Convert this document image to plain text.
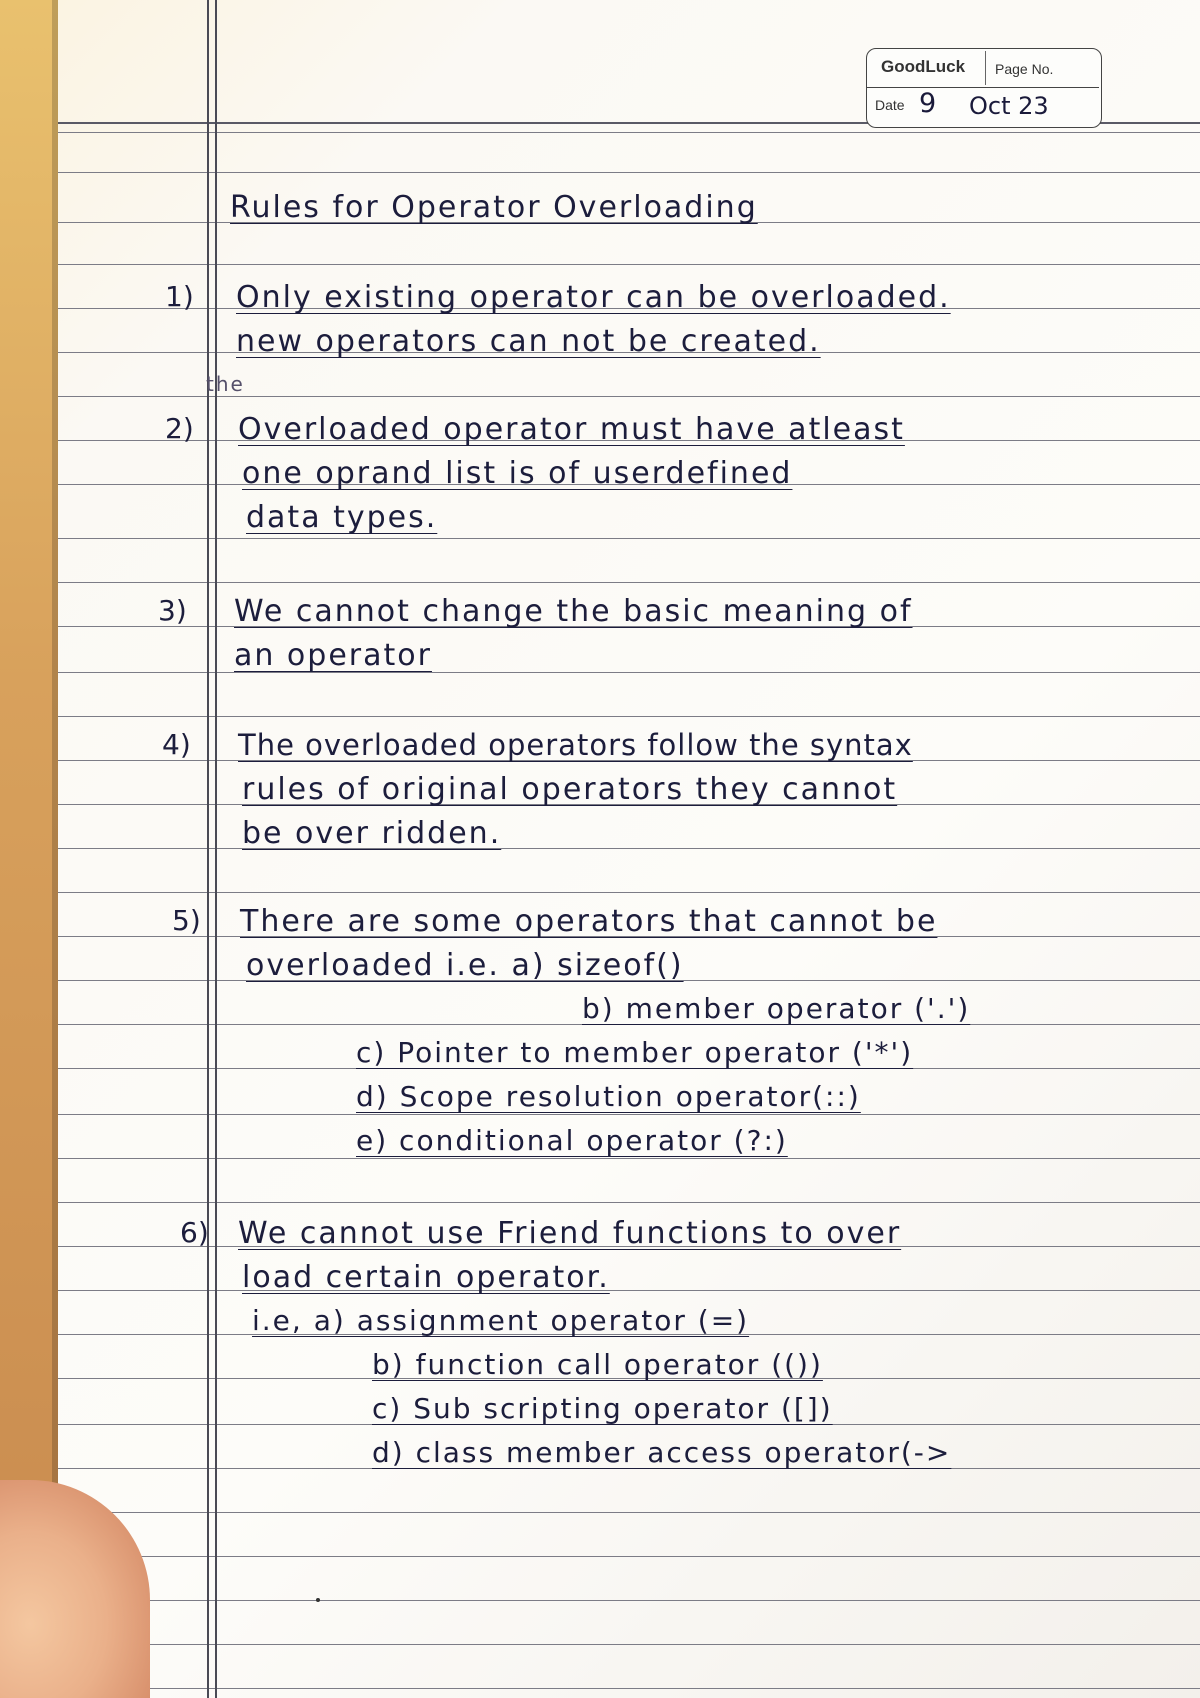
GoodLuck Page No.
Date 9 Oct 23
the
Rules for Operator Overloading
1) Only existing operator can be overloaded.
new operators can not be created.
2) Overloaded operator must have atleast
one oprand list is of userdefined
data types.
3) We cannot change the basic meaning of
an operator
4) The overloaded operators follow the syntax
rules of original operators they cannot
be over ridden.
5) There are some operators that cannot be
overloaded i.e. a) sizeof()
b) member operator ('.')
c) Pointer to member operator ('*')
d) Scope resolution operator(::)
e) conditional operator (?:)
6) We cannot use Friend functions to over
load certain operator.
i.e, a) assignment operator (=)
b) function call operator (())
c) Sub scripting operator ([])
d) class member access operator(->
